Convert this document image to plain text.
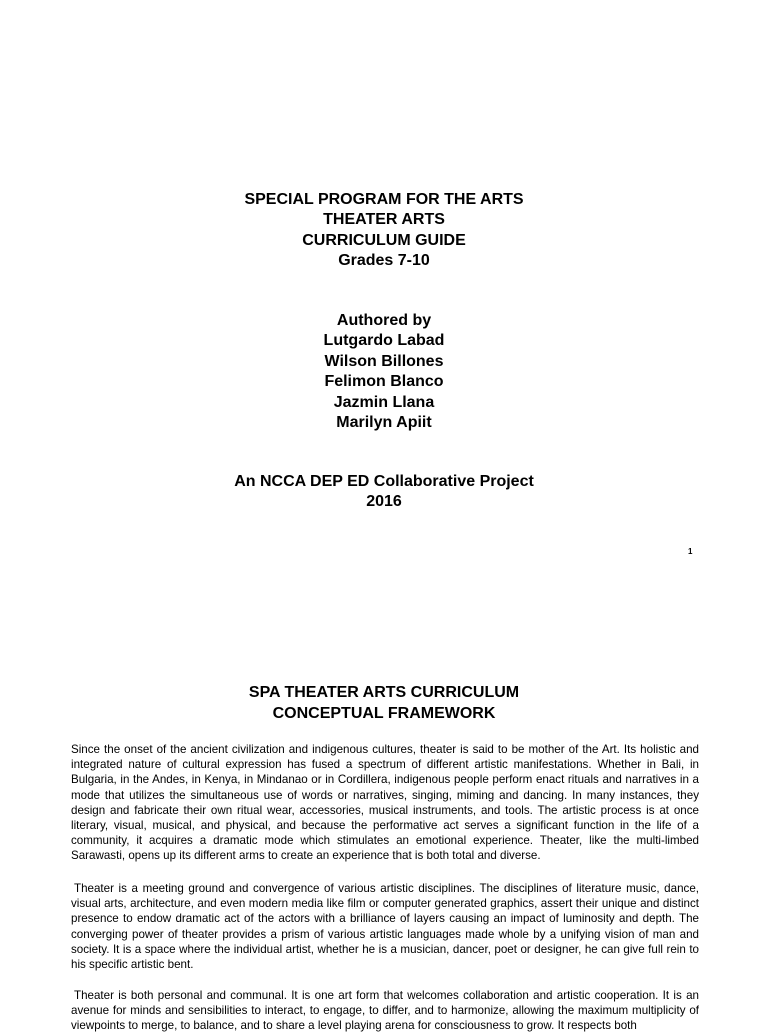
SPECIAL PROGRAM FOR THE ARTS
THEATER ARTS
CURRICULUM GUIDE
Grades 7-10
Authored by
Lutgardo Labad
Wilson Billones
Felimon Blanco
Jazmin Llana
Marilyn Apiit
An NCCA DEP ED Collaborative Project
2016
1
SPA THEATER ARTS CURRICULUM
CONCEPTUAL FRAMEWORK

Since the onset of the ancient civilization and indigenous cultures, theater is said to be mother of the Art. Its holistic and integrated nature of cultural expression has fused a spectrum of different artistic manifestations. Whether in Bali, in Bulgaria, in the Andes, in Kenya, in Mindanao or in Cordillera, indigenous people perform enact rituals and narratives in a mode that utilizes the simultaneous use of words or narratives, singing, miming and dancing. In many instances, they design and fabricate their own ritual wear, accessories, musical instruments, and tools. The artistic process is at once literary, visual, musical, and physical, and because the performative act serves a significant function in the life of a community, it acquires a dramatic mode which stimulates an emotional experience. Theater, like the multi-limbed Sarawasti, opens up its different arms to create an experience that is both total and diverse.

Theater is a meeting ground and convergence of various artistic disciplines. The disciplines of literature music, dance, visual arts, architecture, and even modern media like film or computer generated graphics, assert their unique and distinct presence to endow dramatic act of the actors with a brilliance of layers causing an impact of luminosity and depth. The converging power of theater provides a prism of various artistic languages made whole by a unifying vision of man and society. It is a space where the individual artist, whether he is a musician, dancer, poet or designer, he can give full rein to his specific artistic bent.

Theater is both personal and communal. It is one art form that welcomes collaboration and artistic cooperation. It is an avenue for minds and sensibilities to interact, to engage, to differ, and to harmonize, allowing the maximum multiplicity of viewpoints to merge, to balance, and to share a level playing arena for consciousness to grow. It respects both
